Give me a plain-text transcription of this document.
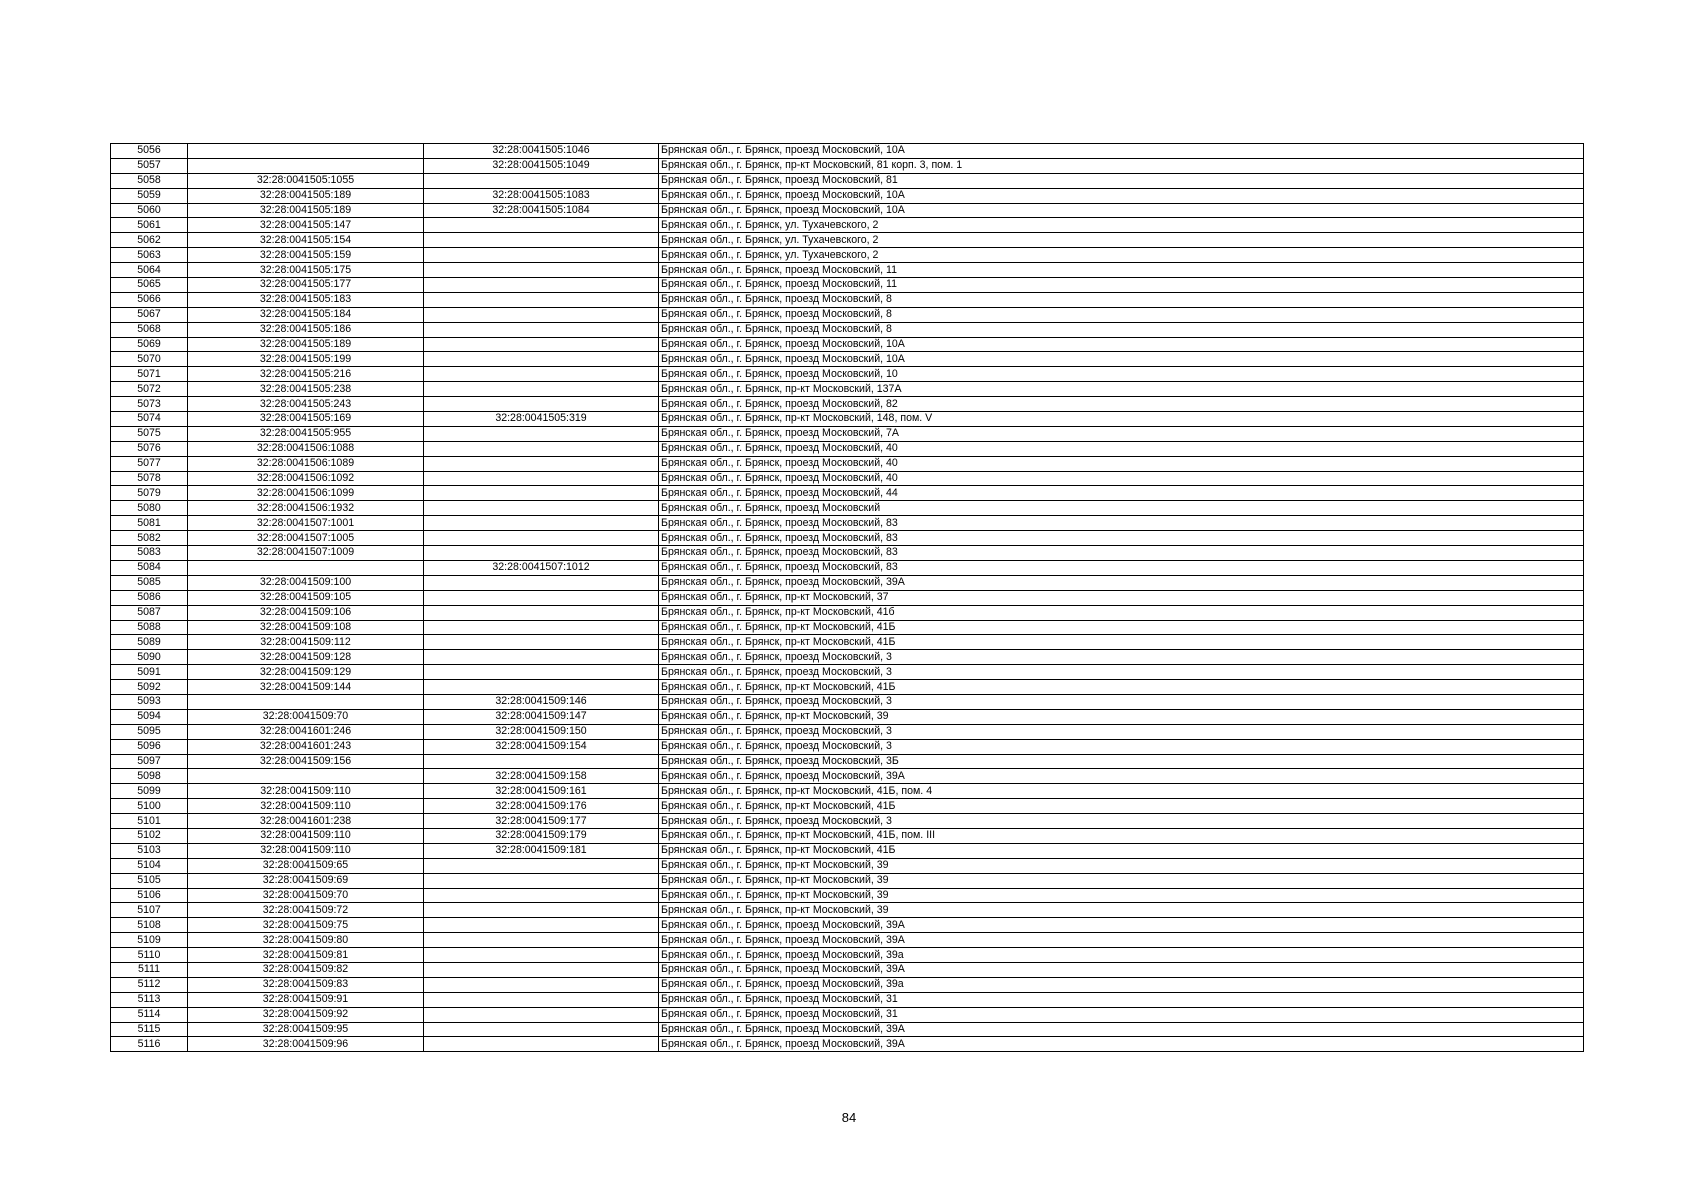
5056		32:28:0041505:1046	Брянская обл., г. Брянск, проезд Московский, 10А
5057		32:28:0041505:1049	Брянская обл., г. Брянск, пр-кт Московский, 81 корп. 3, пом. 1
5058	32:28:0041505:1055		Брянская обл., г. Брянск, проезд Московский, 81
5059	32:28:0041505:189	32:28:0041505:1083	Брянская обл., г. Брянск, проезд Московский, 10А
5060	32:28:0041505:189	32:28:0041505:1084	Брянская обл., г. Брянск, проезд Московский, 10А
5061	32:28:0041505:147		Брянская обл., г. Брянск, ул. Тухачевского, 2
5062	32:28:0041505:154		Брянская обл., г. Брянск, ул. Тухачевского, 2
5063	32:28:0041505:159		Брянская обл., г. Брянск, ул. Тухачевского, 2
5064	32:28:0041505:175		Брянская обл., г. Брянск, проезд Московский, 11
5065	32:28:0041505:177		Брянская обл., г. Брянск, проезд Московский, 11
5066	32:28:0041505:183		Брянская обл., г. Брянск, проезд Московский, 8
5067	32:28:0041505:184		Брянская обл., г. Брянск, проезд Московский, 8
5068	32:28:0041505:186		Брянская обл., г. Брянск, проезд Московский, 8
5069	32:28:0041505:189		Брянская обл., г. Брянск, проезд Московский, 10А
5070	32:28:0041505:199		Брянская обл., г. Брянск, проезд Московский, 10А
5071	32:28:0041505:216		Брянская обл., г. Брянск, проезд Московский, 10
5072	32:28:0041505:238		Брянская обл., г. Брянск, пр-кт Московский, 137А
5073	32:28:0041505:243		Брянская обл., г. Брянск, проезд Московский, 82
5074	32:28:0041505:169	32:28:0041505:319	Брянская обл., г. Брянск, пр-кт Московский, 148, пом. V
5075	32:28:0041505:955		Брянская обл., г. Брянск, проезд Московский, 7А
5076	32:28:0041506:1088		Брянская обл., г. Брянск, проезд Московский, 40
5077	32:28:0041506:1089		Брянская обл., г. Брянск, проезд Московский, 40
5078	32:28:0041506:1092		Брянская обл., г. Брянск, проезд Московский, 40
5079	32:28:0041506:1099		Брянская обл., г. Брянск, проезд Московский, 44
5080	32:28:0041506:1932		Брянская обл., г. Брянск, проезд Московский
5081	32:28:0041507:1001		Брянская обл., г. Брянск, проезд Московский, 83
5082	32:28:0041507:1005		Брянская обл., г. Брянск, проезд Московский, 83
5083	32:28:0041507:1009		Брянская обл., г. Брянск, проезд Московский, 83
5084		32:28:0041507:1012	Брянская обл., г. Брянск, проезд Московский, 83
5085	32:28:0041509:100		Брянская обл., г. Брянск, проезд Московский, 39А
5086	32:28:0041509:105		Брянская обл., г. Брянск, пр-кт Московский, 37
5087	32:28:0041509:106		Брянская обл., г. Брянск, пр-кт Московский, 41б
5088	32:28:0041509:108		Брянская обл., г. Брянск, пр-кт Московский, 41Б
5089	32:28:0041509:112		Брянская обл., г. Брянск, пр-кт Московский, 41Б
5090	32:28:0041509:128		Брянская обл., г. Брянск, проезд Московский, 3
5091	32:28:0041509:129		Брянская обл., г. Брянск, проезд Московский, 3
5092	32:28:0041509:144		Брянская обл., г. Брянск, пр-кт Московский, 41Б
5093		32:28:0041509:146	Брянская обл., г. Брянск, проезд Московский, 3
5094	32:28:0041509:70	32:28:0041509:147	Брянская обл., г. Брянск, пр-кт Московский, 39
5095	32:28:0041601:246	32:28:0041509:150	Брянская обл., г. Брянск, проезд Московский, 3
5096	32:28:0041601:243	32:28:0041509:154	Брянская обл., г. Брянск, проезд Московский, 3
5097	32:28:0041509:156		Брянская обл., г. Брянск, проезд Московский, 3Б
5098		32:28:0041509:158	Брянская обл., г. Брянск, проезд Московский, 39А
5099	32:28:0041509:110	32:28:0041509:161	Брянская обл., г. Брянск, пр-кт Московский, 41Б, пом. 4
5100	32:28:0041509:110	32:28:0041509:176	Брянская обл., г. Брянск, пр-кт Московский, 41Б
5101	32:28:0041601:238	32:28:0041509:177	Брянская обл., г. Брянск, проезд Московский, 3
5102	32:28:0041509:110	32:28:0041509:179	Брянская обл., г. Брянск, пр-кт Московский, 41Б, пом. III
5103	32:28:0041509:110	32:28:0041509:181	Брянская обл., г. Брянск, пр-кт Московский, 41Б
5104	32:28:0041509:65		Брянская обл., г. Брянск, пр-кт Московский, 39
5105	32:28:0041509:69		Брянская обл., г. Брянск, пр-кт Московский, 39
5106	32:28:0041509:70		Брянская обл., г. Брянск, пр-кт Московский, 39
5107	32:28:0041509:72		Брянская обл., г. Брянск, пр-кт Московский, 39
5108	32:28:0041509:75		Брянская обл., г. Брянск, проезд Московский, 39А
5109	32:28:0041509:80		Брянская обл., г. Брянск, проезд Московский, 39А
5110	32:28:0041509:81		Брянская обл., г. Брянск, проезд Московский, 39а
5111	32:28:0041509:82		Брянская обл., г. Брянск, проезд Московский, 39А
5112	32:28:0041509:83		Брянская обл., г. Брянск, проезд Московский, 39а
5113	32:28:0041509:91		Брянская обл., г. Брянск, проезд Московский, 31
5114	32:28:0041509:92		Брянская обл., г. Брянск, проезд Московский, 31
5115	32:28:0041509:95		Брянская обл., г. Брянск, проезд Московский, 39А
5116	32:28:0041509:96		Брянская обл., г. Брянск, проезд Московский, 39А
84
